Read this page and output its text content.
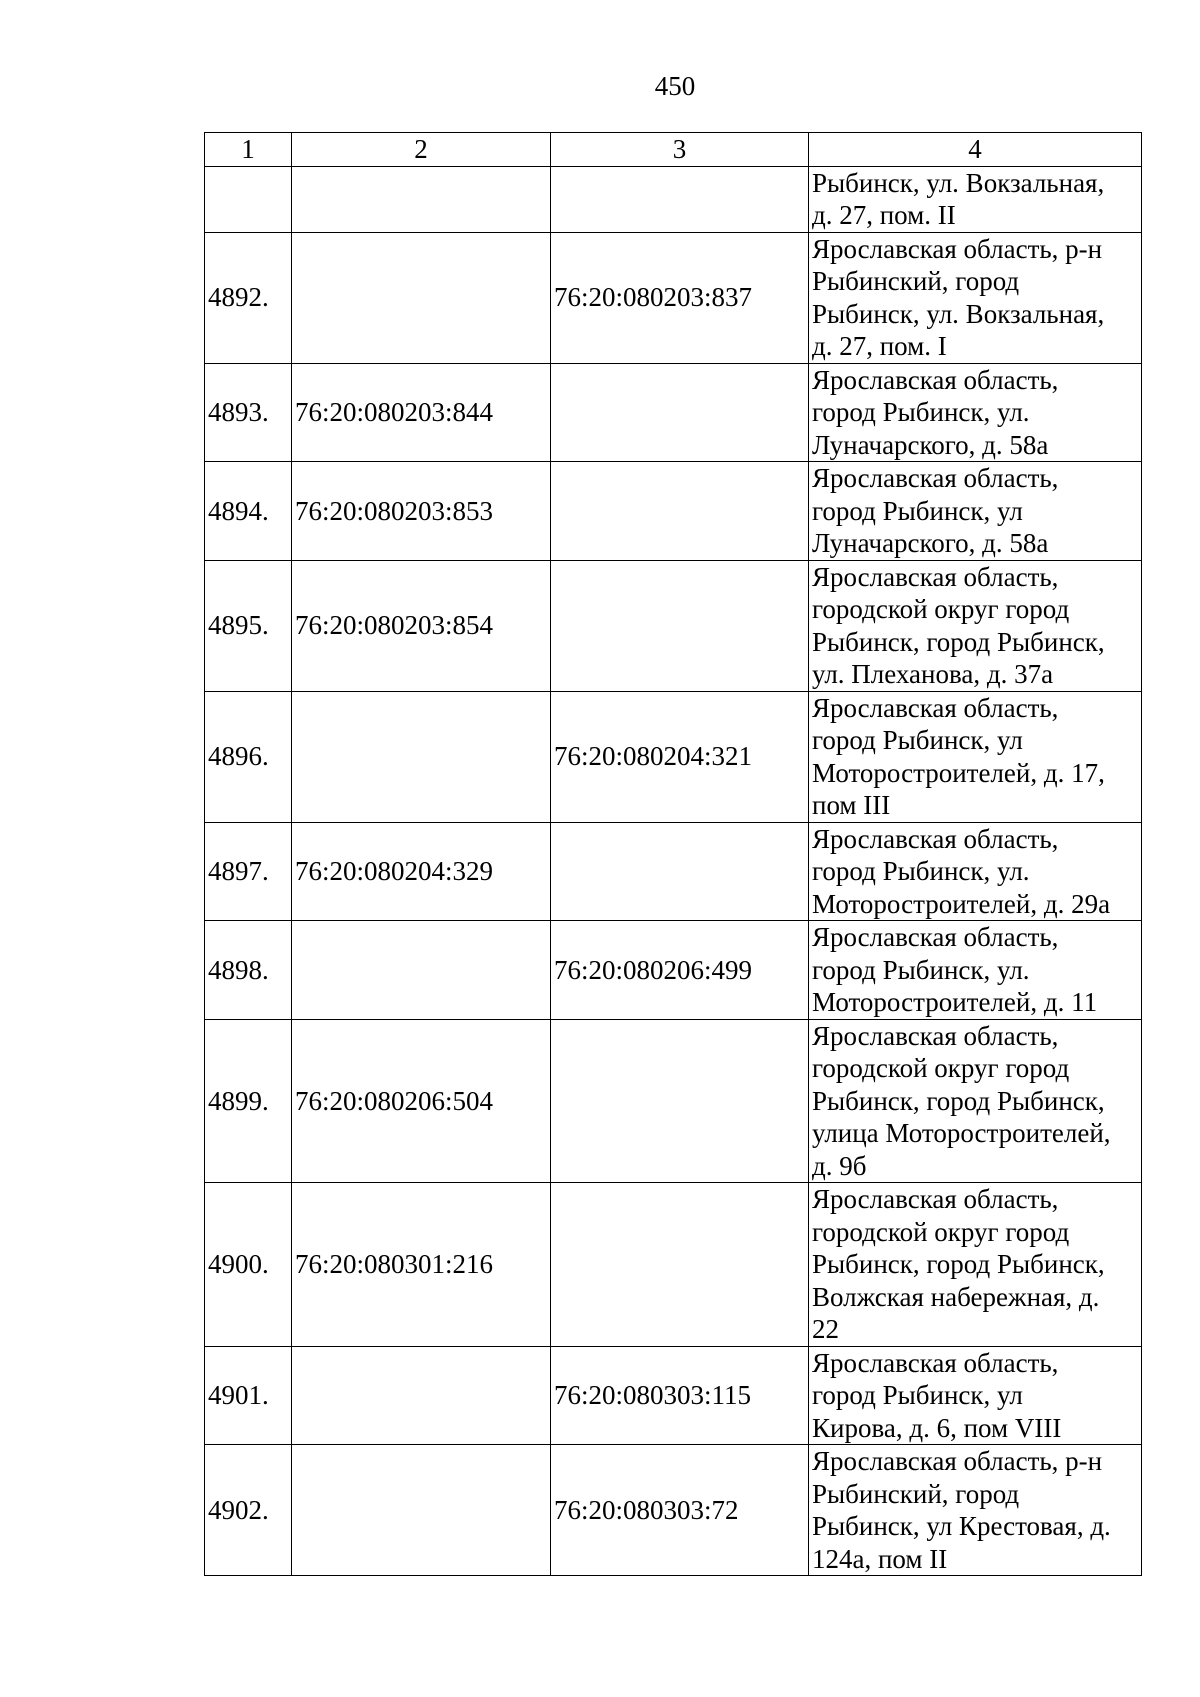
450
1	2	3	4

			Рыбинск, ул. Вокзальная,
д. 27, пом. II

4892.		76:20:080203:837	Ярославская область, р-н
Рыбинский, город
Рыбинск, ул. Вокзальная,
д. 27, пом. I

4893.	76:20:080203:844		Ярославская область,
город Рыбинск, ул.
Луначарского, д. 58а

4894.	76:20:080203:853		Ярославская область,
город Рыбинск, ул
Луначарского, д. 58а

4895.	76:20:080203:854		Ярославская область,
городской округ город
Рыбинск, город Рыбинск,
ул. Плеханова, д. 37а

4896.		76:20:080204:321	Ярославская область,
город Рыбинск, ул
Моторостроителей, д. 17,
пом III

4897.	76:20:080204:329		Ярославская область,
город Рыбинск, ул.
Моторостроителей, д. 29а

4898.		76:20:080206:499	Ярославская область,
город Рыбинск, ул.
Моторостроителей, д. 11

4899.	76:20:080206:504		Ярославская область,
городской округ город
Рыбинск, город Рыбинск,
улица Моторостроителей,
д. 9б

4900.	76:20:080301:216		Ярославская область,
городской округ город
Рыбинск, город Рыбинск,
Волжская набережная, д.
22

4901.		76:20:080303:115	Ярославская область,
город Рыбинск, ул
Кирова, д. 6, пом VIII

4902.		76:20:080303:72	Ярославская область, р-н
Рыбинский, город
Рыбинск, ул Крестовая, д.
124а, пом II
